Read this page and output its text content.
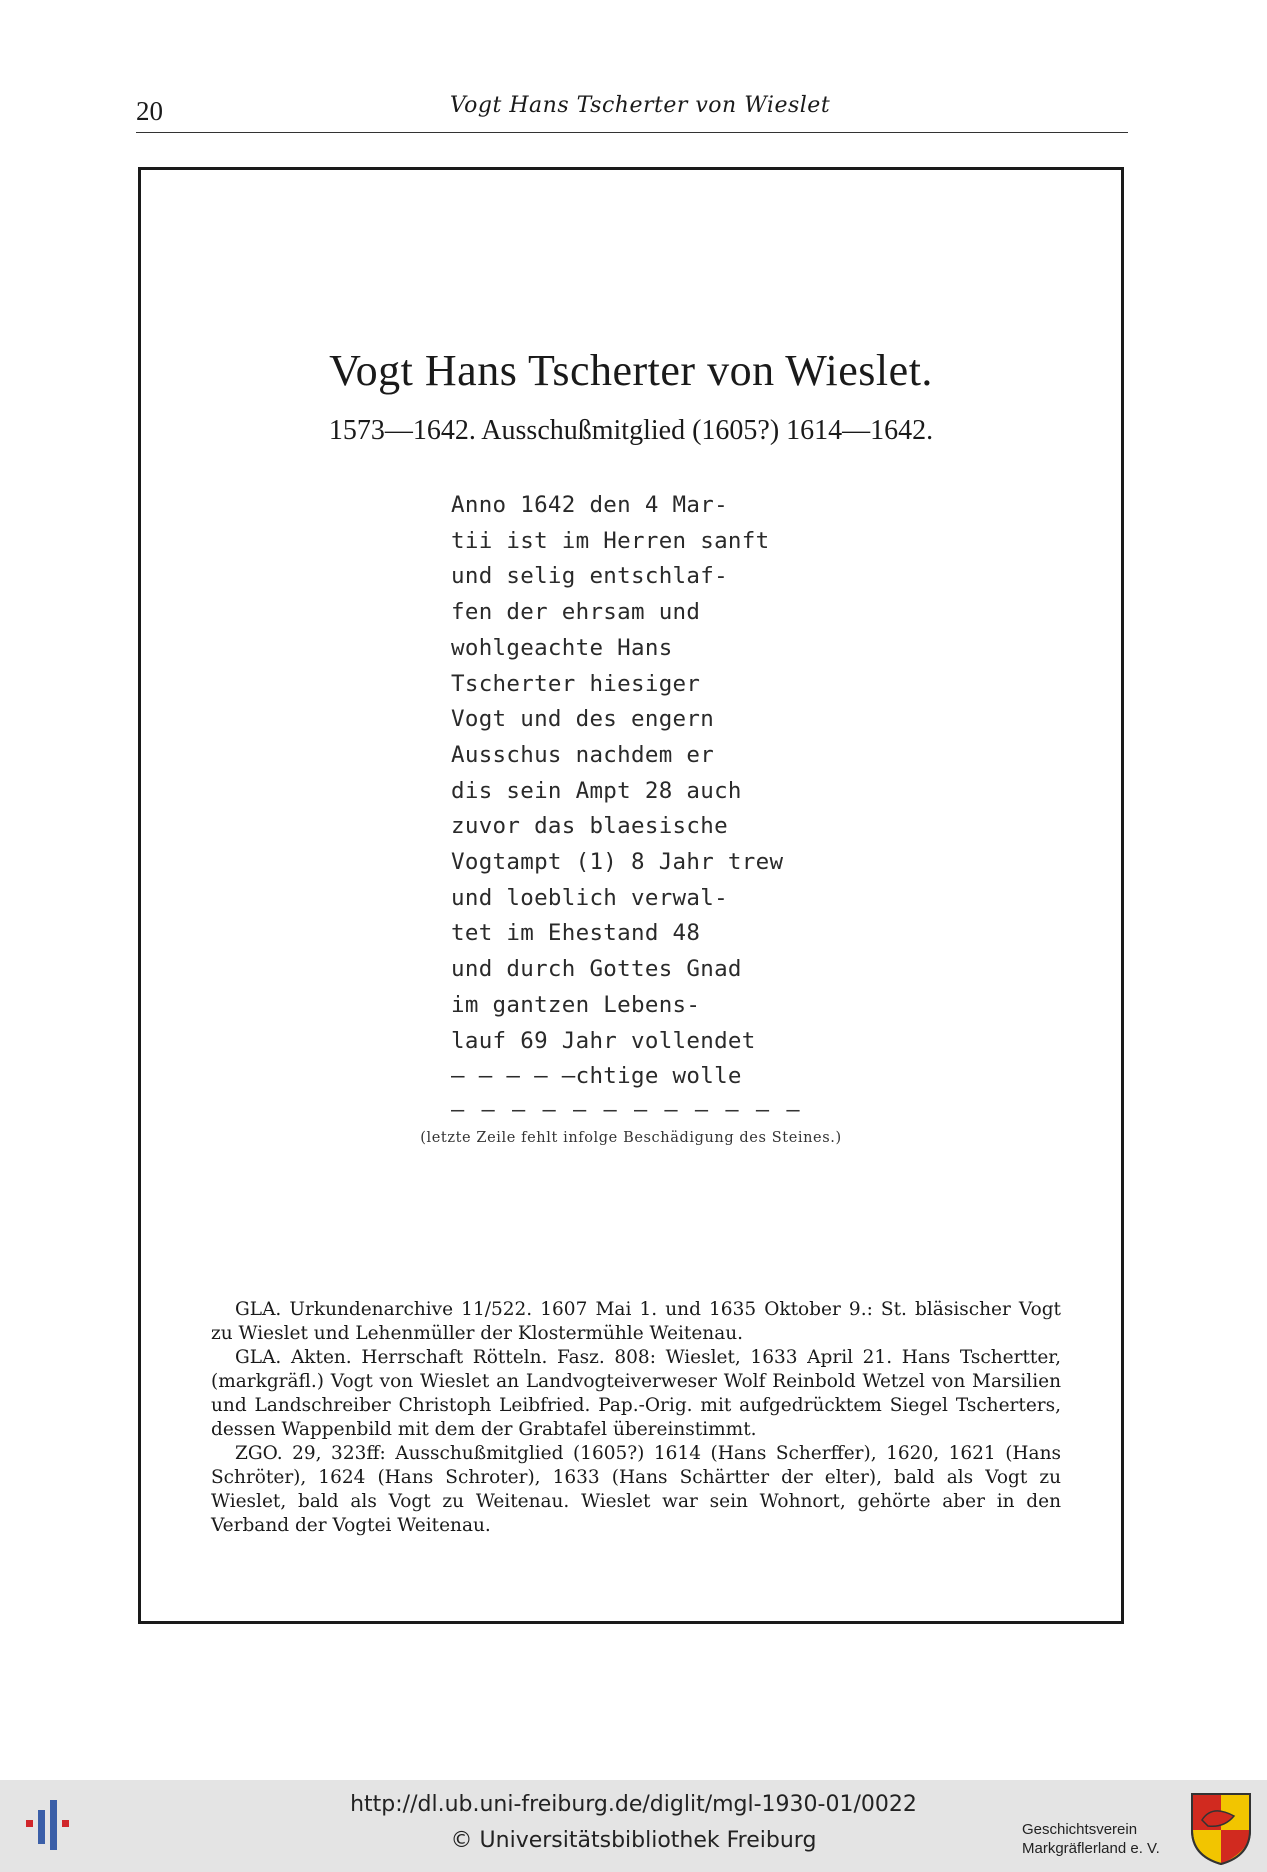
20	Vogt Hans Tscherter von Wieslet
Vogt Hans Tscherter von Wieslet.
1573—1642. Ausschußmitglied (1605?) 1614—1642.
Anno 1642 den 4 Mar-
tii ist im Herren sanft
und selig entschlaf-
fen der ehrsam und
wohlgeachte Hans
Tscherter hiesiger
Vogt und des engern
Ausschus nachdem er
dis sein Ampt 28 auch
zuvor das blaesische
Vogtampt (1) 8 Jahr trew
und loeblich verwal-
tet im Ehestand 48
und durch Gottes Gnad
im gantzen Lebens-
lauf 69 Jahr vollendet
— — — — —chtige wolle
— — — — — — — — — — — —
(letzte Zeile fehlt infolge Beschädigung des Steines.)

GLA. Urkundenarchive 11/522. 1607 Mai 1. und 1635 Oktober 9.: St. bläsischer Vogt zu Wieslet und Lehenmüller der Klostermühle Weitenau.

GLA. Akten. Herrschaft Rötteln. Fasz. 808: Wieslet, 1633 April 21. Hans Tschertter, (markgräfl.) Vogt von Wieslet an Landvogteiverweser Wolf Reinbold Wetzel von Marsilien und Landschreiber Christoph Leibfried. Pap.-Orig. mit aufgedrücktem Siegel Tscherters, dessen Wappenbild mit dem der Grabtafel übereinstimmt.

ZGO. 29, 323ff: Ausschußmitglied (1605?) 1614 (Hans Scherffer), 1620, 1621 (Hans Schröter), 1624 (Hans Schroter), 1633 (Hans Schärtter der elter), bald als Vogt zu Wieslet, bald als Vogt zu Weitenau. Wieslet war sein Wohnort, gehörte aber in den Verband der Vogtei Weitenau.

http://dl.ub.uni-freiburg.de/diglit/mgl-1930-01/0022
© Universitätsbibliothek Freiburg	Geschichtsverein
Markgräflerland e. V.
